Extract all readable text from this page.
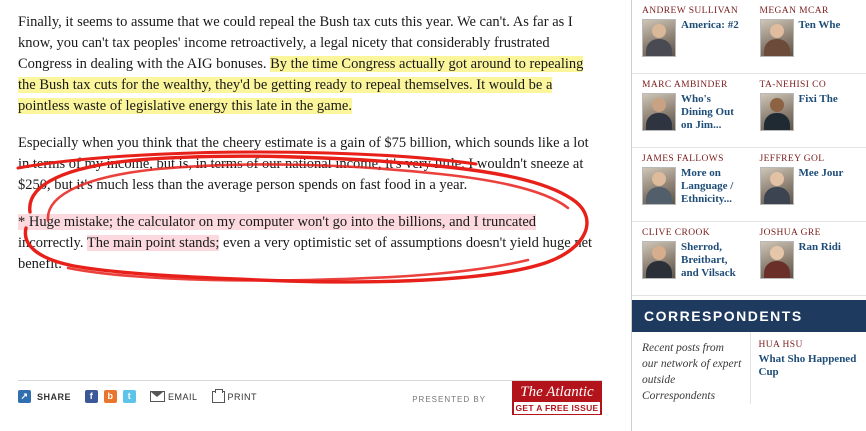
Finally, it seems to assume that we could repeal the Bush tax cuts this year. We can't. As far as I know, you can't tax peoples' income retroactively, a legal nicety that considerably frustrated Congress in dealing with the AIG bonuses. By the time Congress actually got around to repealing the Bush tax cuts for the wealthy, they'd be getting ready to repeal themselves. It would be a pointless waste of legislative energy this late in the game.

Especially when you think that the cheery estimate is a gain of $75 billion, which sounds like a lot in terms of my income, but is, in terms of our national income, it's very little. I wouldn't sneeze at $250, but it's much less than the average person spends on fast food in a year.

* Huge mistake; the calculator on my computer won't go into the billions, and I truncated incorrectly. The main point stands; even a very optimistic set of assumptions doesn't yield huge net benefit.

↗ SHARE	f	b	t	EMAIL	PRINT	PRESENTED BY	The Atlantic
GET A FREE ISSUE
ANDREW SULLIVAN
America: #2
MEGAN MCAR
Ten Whe
MARC AMBINDER
Who's Dining Out on Jim...
TA-NEHISI CO
Fixi The
JAMES FALLOWS
More on Language / Ethnicity...
JEFFREY GOL
Mee Jour
CLIVE CROOK
Sherrod, Breitbart, and Vilsack
JOSHUA GRE
Ran Ridi
CORRESPONDENTS
Recent posts from our network of expert outside Correspondents
HUA HSU
What Sho Happened Cup
